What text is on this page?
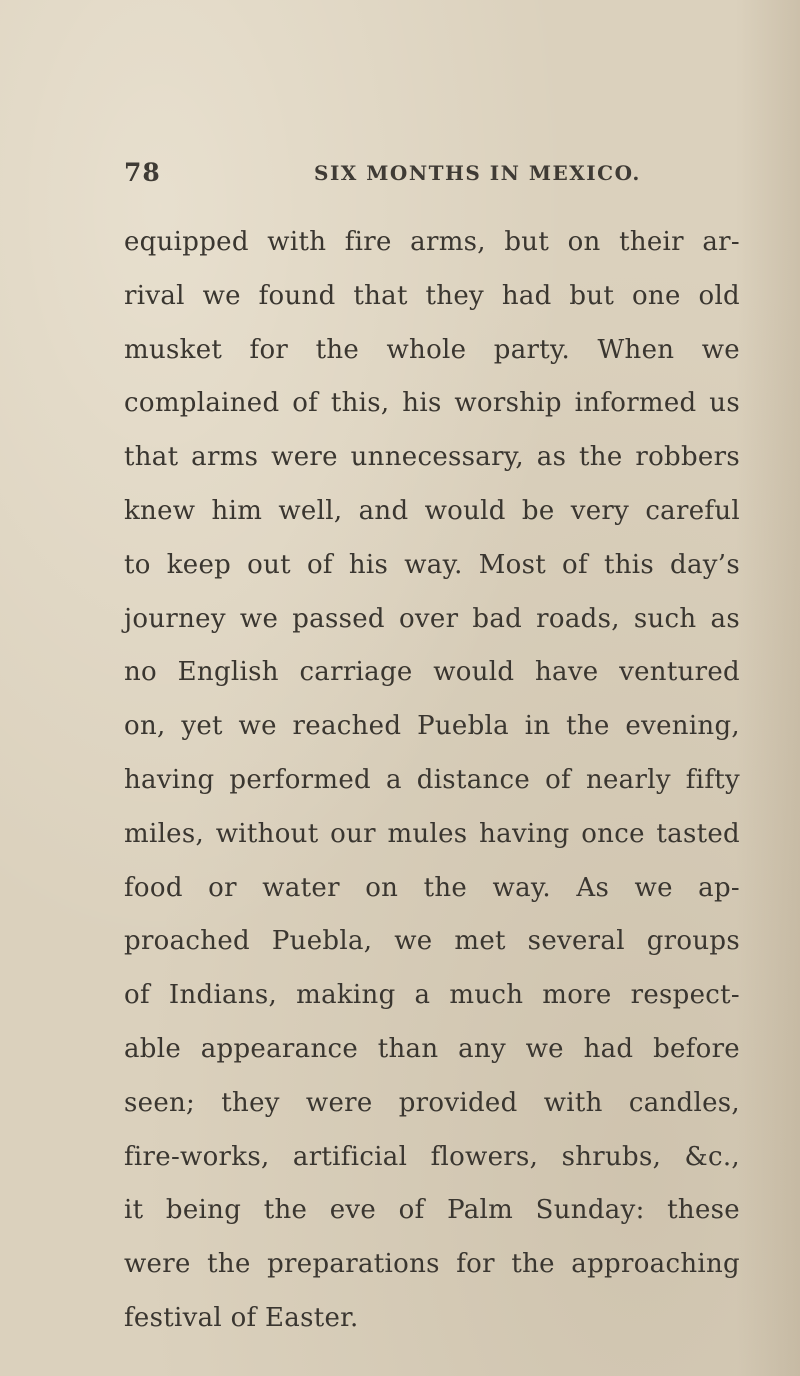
78	SIX MONTHS IN MEXICO.
equipped with fire arms, but on their ar-
rival we found that they had but one old
musket for the whole party. When we
complained of this, his worship informed us
that arms were unnecessary, as the robbers
knew him well, and would be very careful
to keep out of his way. Most of this day’s
journey we passed over bad roads, such as
no English carriage would have ventured
on, yet we reached Puebla in the evening,
having performed a distance of nearly fifty
miles, without our mules having once tasted
food or water on the way. As we ap-
proached Puebla, we met several groups
of Indians, making a much more respect-
able appearance than any we had before
seen; they were provided with candles,
fire-works, artificial flowers, shrubs, &c.,
it being the eve of Palm Sunday: these
were the preparations for the approaching
festival of Easter.
